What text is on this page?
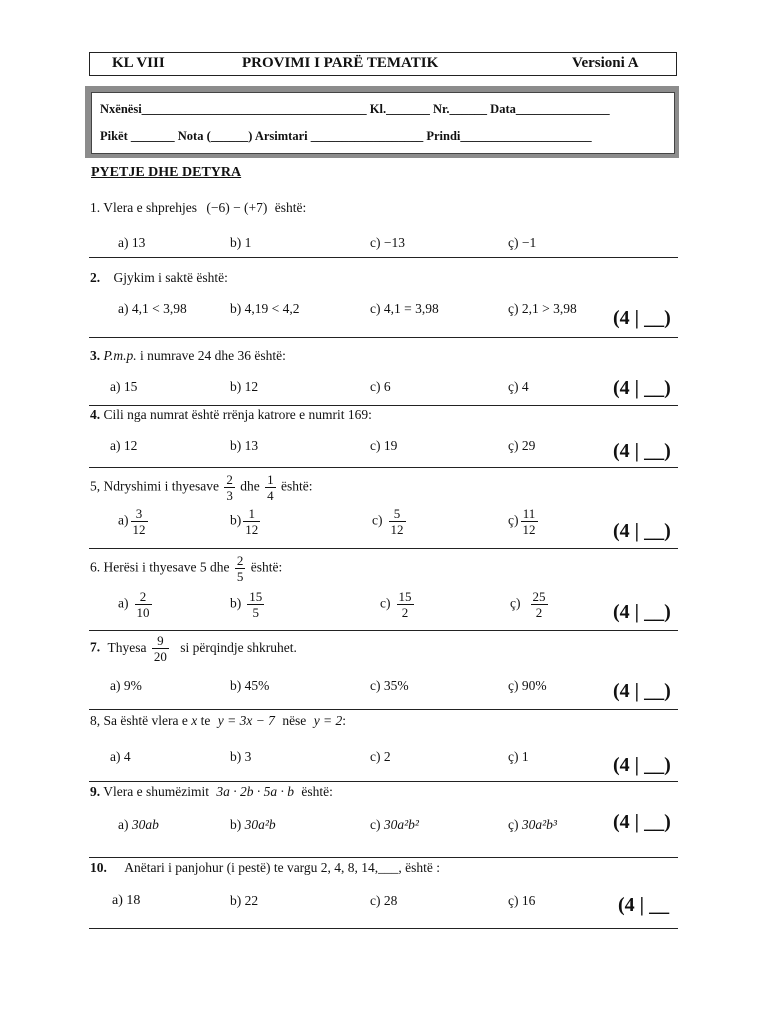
KL VIII	PROVIMI I PARË TEMATIK	Versioni A
Nxënësi____________________________________ Kl._______ Nr.______ Data_______________
Pikët _______ Nota (______) Arsimtari __________________ Prindi_____________________
PYETJE DHE DETYRA
1. Vlera e shprehjes (−6) − (+7) është:
a) 13	b) 1	c) −13	ç) −1
2. Gjykim i saktë është:
a) 4,1 < 3,98	b) 4,19 < 4,2	c) 4,1 = 3,98	ç) 2,1 > 3,98 (4 | __)
3. P.m.p. i numrave 24 dhe 36 është:
a) 15	b) 12	c) 6	ç) 4	(4 | __)
4. Cili nga numrat është rrënja katrore e numrit 169:
a) 12	b) 13	c) 19	ç) 29	(4 | __)
5, Ndryshimi i thyesave $\frac{2}{3}$ dhe $\frac{1}{4}$ është:
$a) \frac{3}{12}$	$b) \frac{1}{12}$	$c) \frac{5}{12}$	ç) $\frac{11}{12}$	(4 | __)
6. Herësi i thyesave 5 dhe $\frac{2}{5}$ është:
$a) \frac{2}{10}$	$b) \frac{15}{5}$	$c) \frac{15}{2}$	ç) $\frac{25}{2}$	(4 | __)
7. Thyesa $\frac{9}{20}$ si përqindje shkruhet.
a) 9%	b) 45%	c) 35%	ç) 90%	(4 | __)
8, Sa është vlera e x te y = 3x − 7 nëse y = 2:
a) 4	b) 3	c) 2	ç) 1	(4 | __)
9. Vlera e shumëzimit 3a · 2b · 5a · b është:
a) 30ab	b) 30a²b	c) 30a²b²	ç) 30a²b³	(4 | __)
10. Anëtari i panjohur (i pestë) te vargu 2, 4, 8, 14,___, është :
a) 18	b) 22	c) 28	ç) 16	(4 | __
